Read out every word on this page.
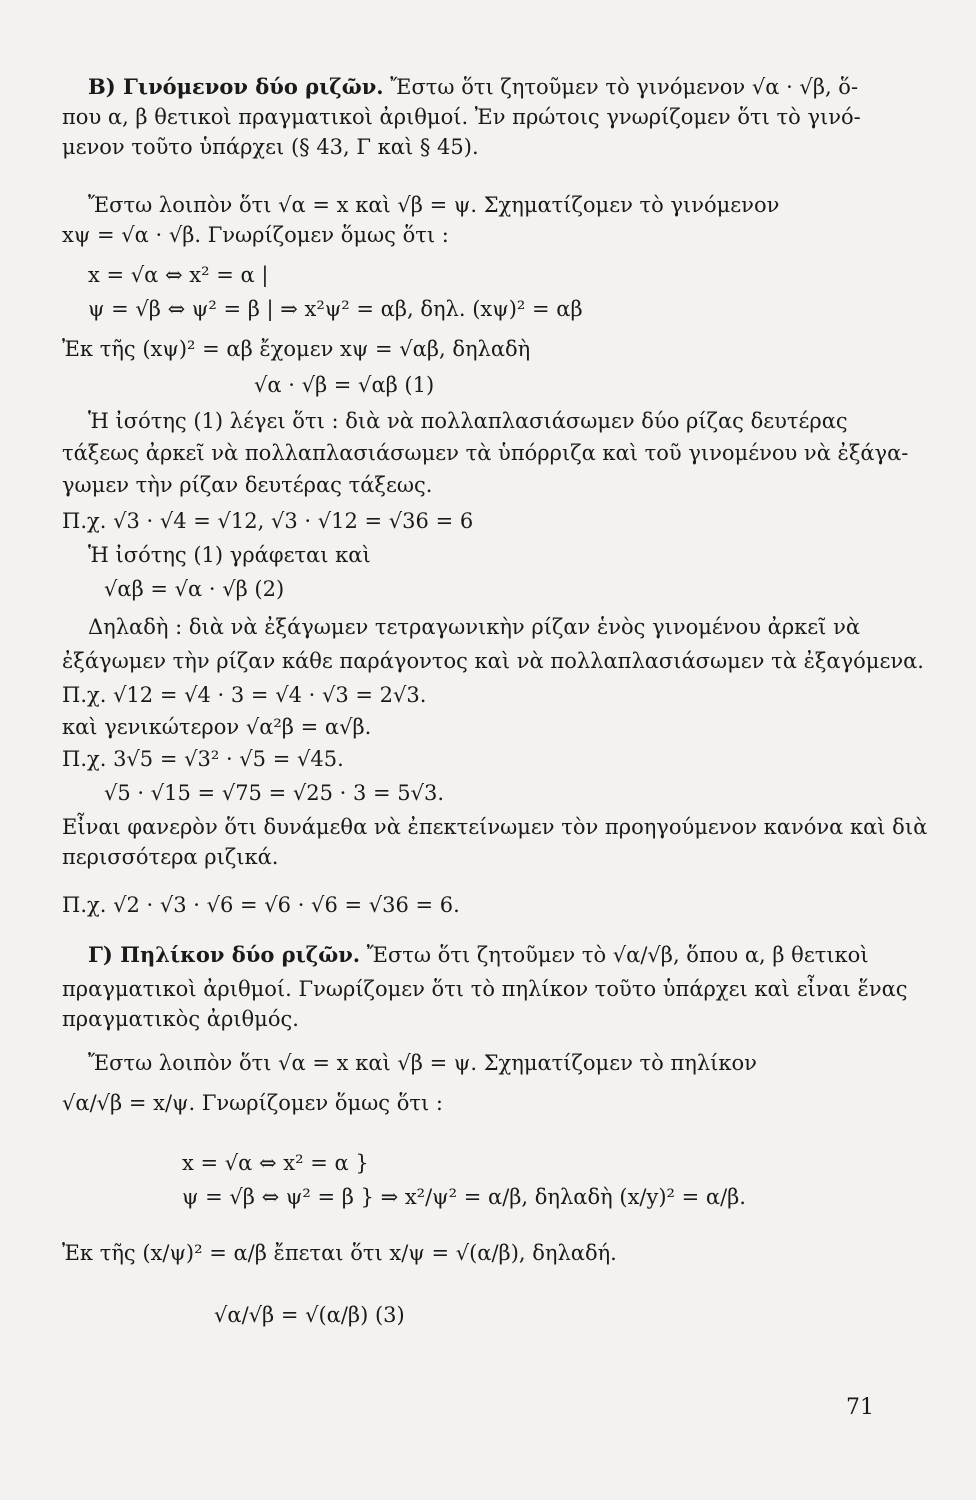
B) Γινόμενον δύο ριζῶν. Ἔστω ὅτι ζητοῦμεν τὸ γινόμενον √α · √β, ὅ-
που α, β θετικοὶ πραγματικοὶ ἀριθμοί. Ἐν πρώτοις γνωρίζομεν ὅτι τὸ γινό-
μενον τοῦτο ὑπάρχει (§ 43, Γ καὶ § 45).
Ἔστω λοιπὸν ὅτι √α = x καὶ √β = ψ. Σχηματίζομεν τὸ γινόμενον
xψ = √α · √β. Γνωρίζομεν ὅμως ὅτι :
x = √α ⇔ x² = α |
ψ = √β ⇔ ψ² = β | ⇒ x²ψ² = αβ, δηλ. (xψ)² = αβ
Ἐκ τῆς (xψ)² = αβ ἔχομεν xψ = √αβ, δηλαδὴ
√α · √β = √αβ (1)
Ἡ ἰσότης (1) λέγει ὅτι : διὰ νὰ πολλαπλασιάσωμεν δύο ρίζας δευτέρας
τάξεως ἀρκεῖ νὰ πολλαπλασιάσωμεν τὰ ὑπόρριζα καὶ τοῦ γινομένου νὰ ἐξάγα-
γωμεν τὴν ρίζαν δευτέρας τάξεως.
Π.χ. √3 · √4 = √12, √3 · √12 = √36 = 6
Ἡ ἰσότης (1) γράφεται καὶ
√αβ = √α · √β (2)
Δηλαδὴ : διὰ νὰ ἐξάγωμεν τετραγωνικὴν ρίζαν ἑνὸς γινομένου ἀρκεῖ νὰ
ἐξάγωμεν τὴν ρίζαν κάθε παράγοντος καὶ νὰ πολλαπλασιάσωμεν τὰ ἐξαγόμενα.
Π.χ. √12 = √4 · 3 = √4 · √3 = 2√3.
καὶ γενικώτερον √α²β = α√β.
Π.χ. 3√5 = √3² · √5 = √45.
√5 · √15 = √75 = √25 · 3 = 5√3.
Εἶναι φανερὸν ὅτι δυνάμεθα νὰ ἐπεκτείνωμεν τὸν προηγούμενον κανόνα καὶ διὰ
περισσότερα ριζικά.
Π.χ. √2 · √3 · √6 = √6 · √6 = √36 = 6.
Γ) Πηλίκον δύο ριζῶν. Ἔστω ὅτι ζητοῦμεν τὸ √α/√β, ὅπου α, β θετικοὶ
πραγματικοὶ ἀριθμοί. Γνωρίζομεν ὅτι τὸ πηλίκον τοῦτο ὑπάρχει καὶ εἶναι ἕνας
πραγματικὸς ἀριθμός.
Ἔστω λοιπὸν ὅτι √α = x καὶ √β = ψ. Σχηματίζομεν τὸ πηλίκον
√α/√β = x/ψ. Γνωρίζομεν ὅμως ὅτι :
x = √α ⇔ x² = α }
ψ = √β ⇔ ψ² = β } ⇒ x²/ψ² = α/β, δηλαδὴ (x/y)² = α/β.
Ἐκ τῆς (x/ψ)² = α/β ἔπεται ὅτι x/ψ = √(α/β), δηλαδή.
√α/√β = √(α/β) (3)
71
